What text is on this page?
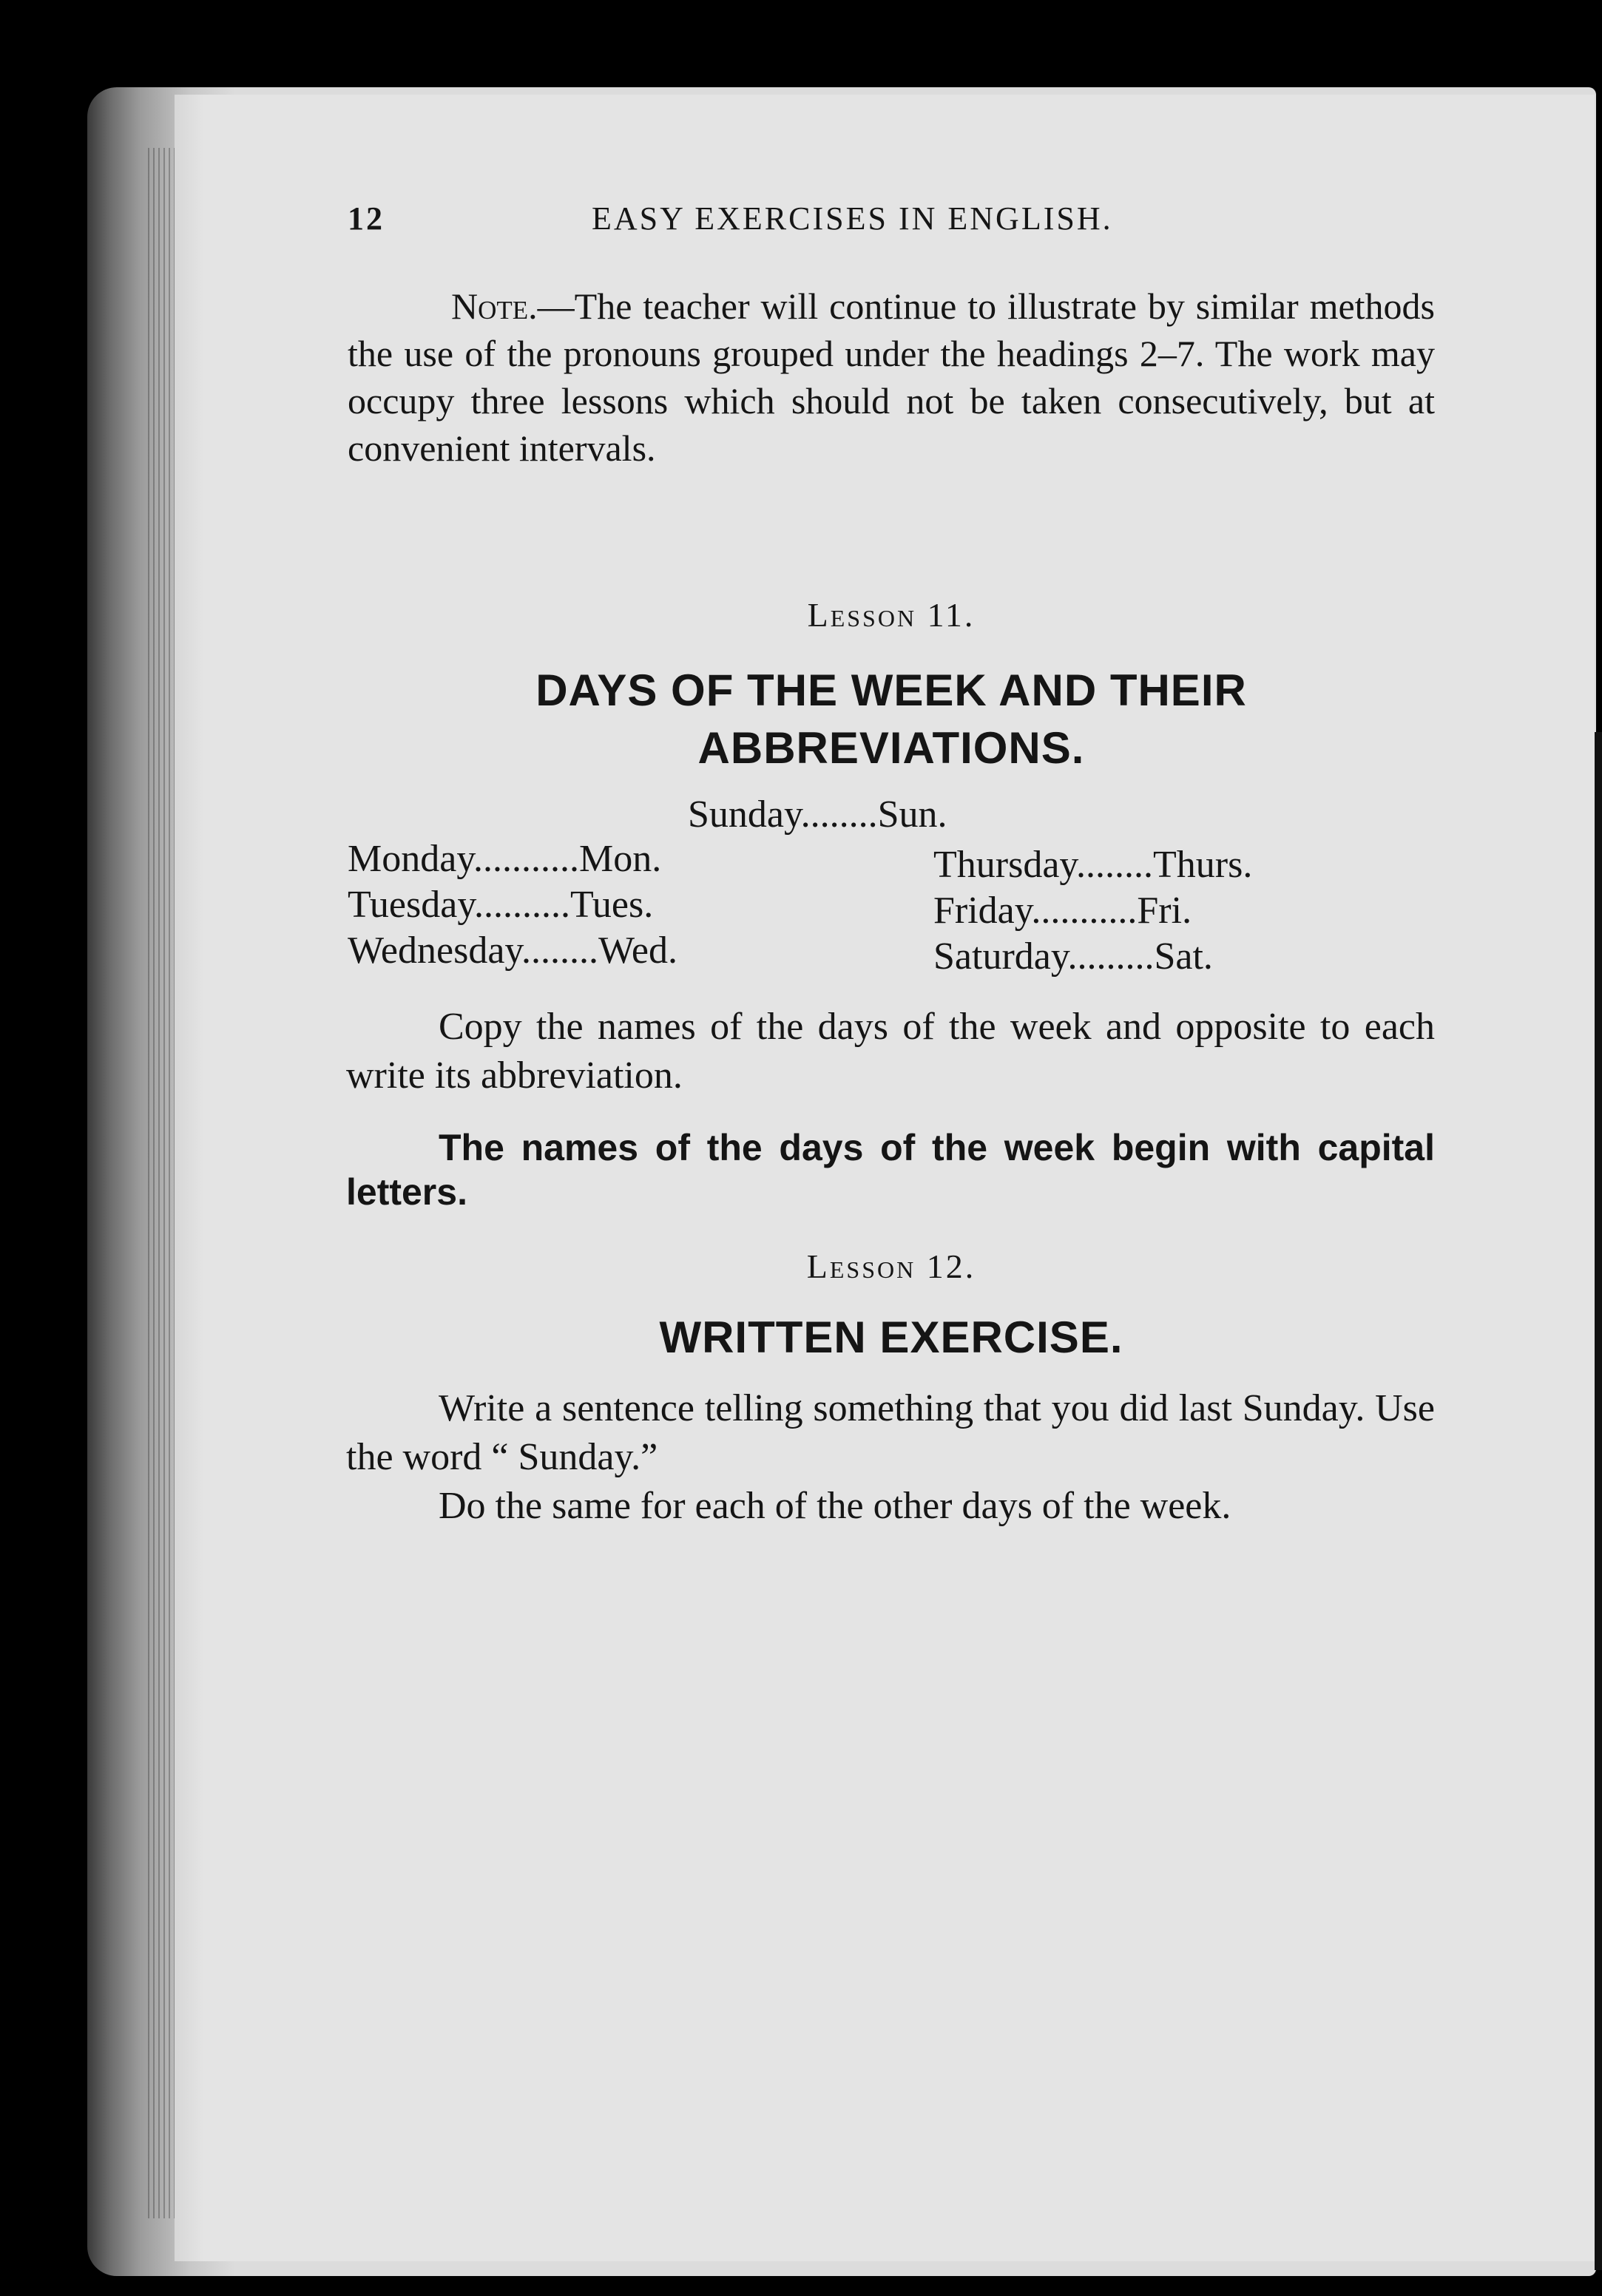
12	EASY EXERCISES IN ENGLISH.

Note.—The teacher will continue to illustrate by similar methods the use of the pronouns grouped under the headings 2–7. The work may occupy three lessons which should not be taken consecutively, but at convenient intervals.

Lesson 11.
DAYS OF THE WEEK AND THEIR
ABBREVIATIONS.
Sunday........Sun.
Monday...........Mon.
Tuesday..........Tues.
Wednesday........Wed.
Thursday........Thurs.
Friday...........Fri.
Saturday.........Sat.

Copy the names of the days of the week and opposite to each write its abbreviation.

The names of the days of the week begin with capital letters.
Lesson 12.
WRITTEN EXERCISE.

Write a sentence telling something that you did last Sunday. Use the word “ Sunday.”

Do the same for each of the other days of the week.
